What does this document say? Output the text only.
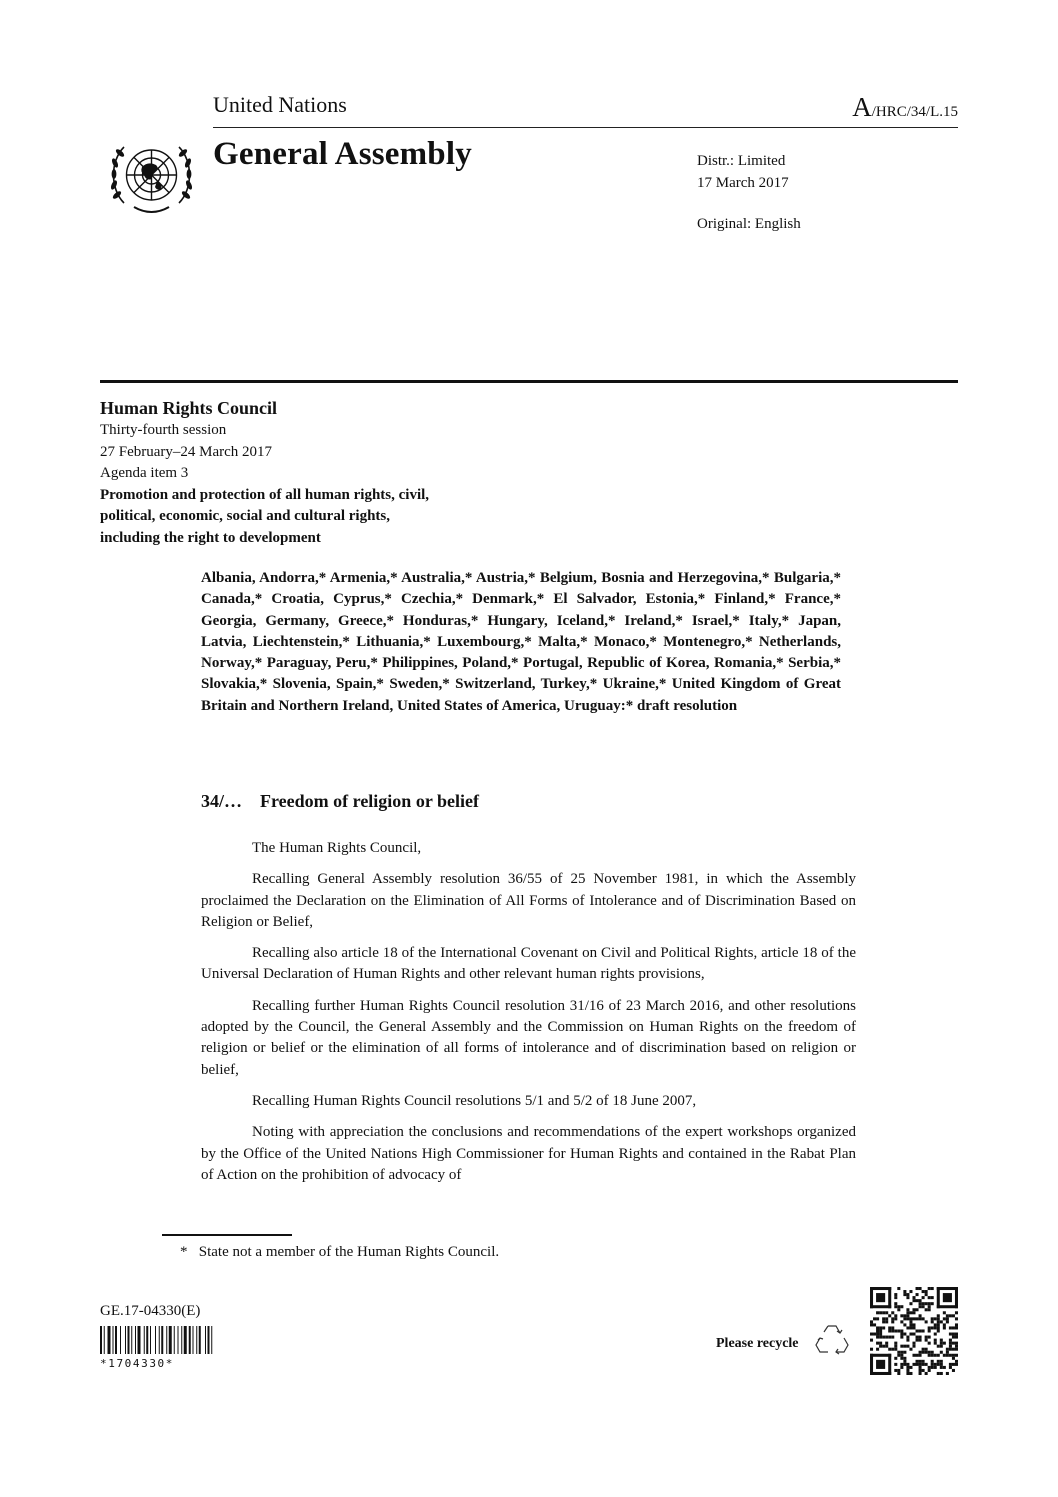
United Nations	A/HRC/34/L.15
General Assembly	Distr.: Limited
17 March 2017
Original: English
Human Rights Council
Thirty-fourth session
27 February–24 March 2017
Agenda item 3
Promotion and protection of all human rights, civil,
political, economic, social and cultural rights,
including the right to development
Albania, Andorra,* Armenia,* Australia,* Austria,* Belgium, Bosnia and Herzegovina,* Bulgaria,* Canada,* Croatia, Cyprus,* Czechia,* Denmark,* El Salvador, Estonia,* Finland,* France,* Georgia, Germany, Greece,* Honduras,* Hungary, Iceland,* Ireland,* Israel,* Italy,* Japan, Latvia, Liechtenstein,* Lithuania,* Luxembourg,* Malta,* Monaco,* Montenegro,* Netherlands, Norway,* Paraguay, Peru,* Philippines, Poland,* Portugal, Republic of Korea, Romania,* Serbia,* Slovakia,* Slovenia, Spain,* Sweden,* Switzerland, Turkey,* Ukraine,* United Kingdom of Great Britain and Northern Ireland, United States of America, Uruguay:* draft resolution
34/… Freedom of religion or belief

The Human Rights Council,

Recalling General Assembly resolution 36/55 of 25 November 1981, in which the Assembly proclaimed the Declaration on the Elimination of All Forms of Intolerance and of Discrimination Based on Religion or Belief,

Recalling also article 18 of the International Covenant on Civil and Political Rights, article 18 of the Universal Declaration of Human Rights and other relevant human rights provisions,

Recalling further Human Rights Council resolution 31/16 of 23 March 2016, and other resolutions adopted by the Council, the General Assembly and the Commission on Human Rights on the freedom of religion or belief or the elimination of all forms of intolerance and of discrimination based on religion or belief,

Recalling Human Rights Council resolutions 5/1 and 5/2 of 18 June 2007,

Noting with appreciation the conclusions and recommendations of the expert workshops organized by the Office of the United Nations High Commissioner for Human Rights and contained in the Rabat Plan of Action on the prohibition of advocacy of

*   State not a member of the Human Rights Council.
GE.17-04330(E)
*1704330*
Please recycle
